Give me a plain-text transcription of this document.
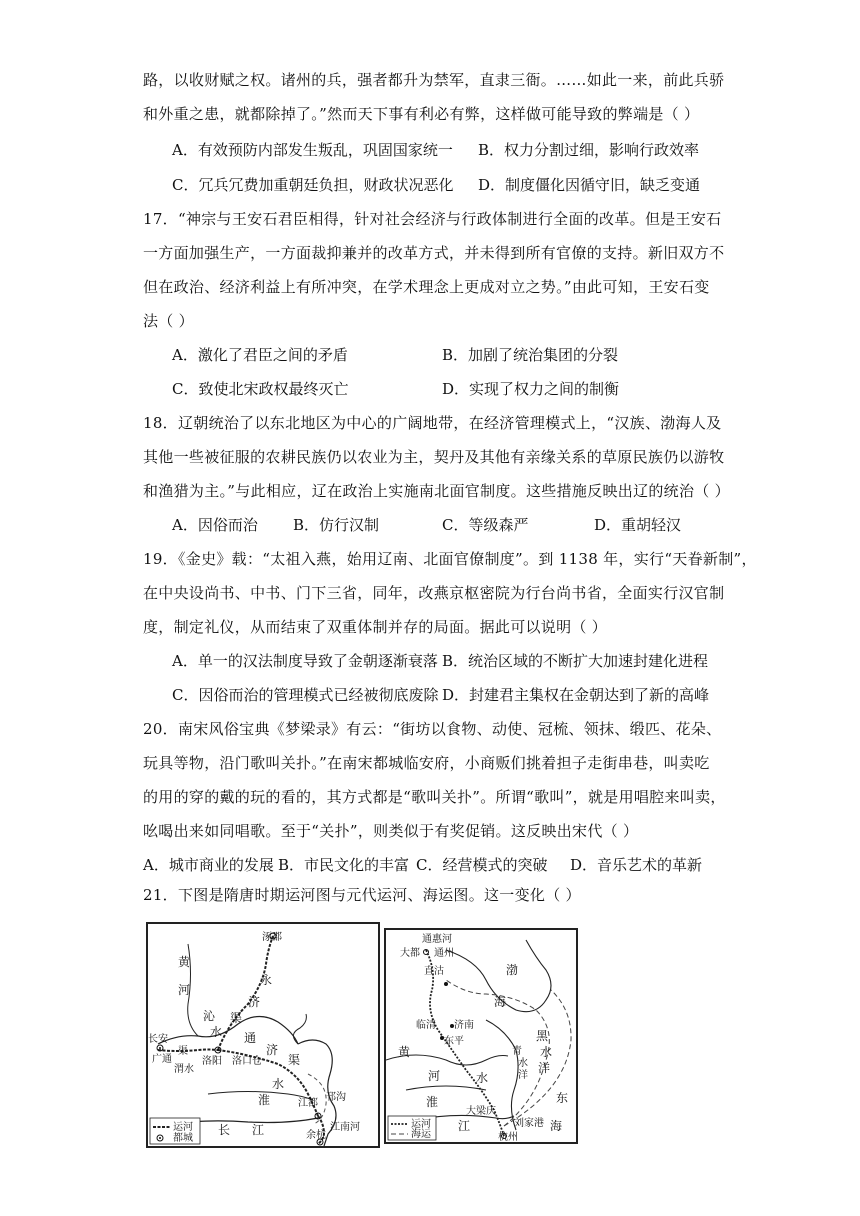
路，以收财赋之权。诸州的兵，强者都升为禁军，直隶三衙。……如此一来，前此兵骄
和外重之患，就都除掉了。”然而天下事有利必有弊，这样做可能导致的弊端是（ ）
A．有效预防内部发生叛乱，巩固国家统一 B．权力分割过细，影响行政效率
C．冗兵冗费加重朝廷负担，财政状况恶化 D．制度僵化因循守旧，缺乏变通
17．“神宗与王安石君臣相得，针对社会经济与行政体制进行全面的改革。但是王安石
一方面加强生产，一方面裁抑兼并的改革方式，并未得到所有官僚的支持。新旧双方不
但在政治、经济利益上有所冲突，在学术理念上更成对立之势。”由此可知，王安石变
法（ ）
A．激化了君臣之间的矛盾	B．加剧了统治集团的分裂
C．致使北宋政权最终灭亡	D．实现了权力之间的制衡
18．辽朝统治了以东北地区为中心的广阔地带，在经济管理模式上，“汉族、渤海人及
其他一些被征服的农耕民族仍以农业为主，契丹及其他有亲缘关系的草原民族仍以游牧
和渔猎为主。”与此相应，辽在政治上实施南北面官制度。这些措施反映出辽的统治（ ）
A．因俗而治 B．仿行汉制	C．等级森严	D．重胡轻汉
19．《金史》载：“太祖入燕，始用辽南、北面官僚制度”。到 1138 年，实行“天眷新制”，
在中央设尚书、中书、门下三省，同年，改燕京枢密院为行台尚书省，全面实行汉官制
度，制定礼仪，从而结束了双重体制并存的局面。据此可以说明（ ）
A．单一的汉法制度导致了金朝逐渐衰落 B．统治区域的不断扩大加速封建化进程
C．因俗而治的管理模式已经被彻底废除 D．封建君主集权在金朝达到了新的高峰
20．南宋风俗宝典《梦梁录》有云：“街坊以食物、动使、冠梳、领抹、缎匹、花朵、
玩具等物，沿门歌叫关扑。”在南宋都城临安府，小商贩们挑着担子走街串巷，叫卖吃
的用的穿的戴的玩的看的，其方式都是“歌叫关扑”。所谓“歌叫”，就是用唱腔来叫卖，
吆喝出来如同唱歌。至于“关扑”，则类似于有奖促销。这反映出宋代（ ）
A．城市商业的发展 B．市民文化的丰富 C．经营模式的突破 D．音乐艺术的革新
21．下图是隋唐时期运河图与元代运河、海运图。这一变化（ ）
涿郡
黄
河
永
济
沁
水
渠
通
济
渠
长安
广通
渠
渭水
洛阳 洛口仓
淮
水
江都
邗沟
江南河
长 江	余杭
运河
都城
通惠河
大都 通州
直沽	渤
海
临清 济南
东平
黄
河
青
水
洋
黑
水
洋
淮
水
东
江
大梁庆
刘家港 海
杭州
运河
海运
